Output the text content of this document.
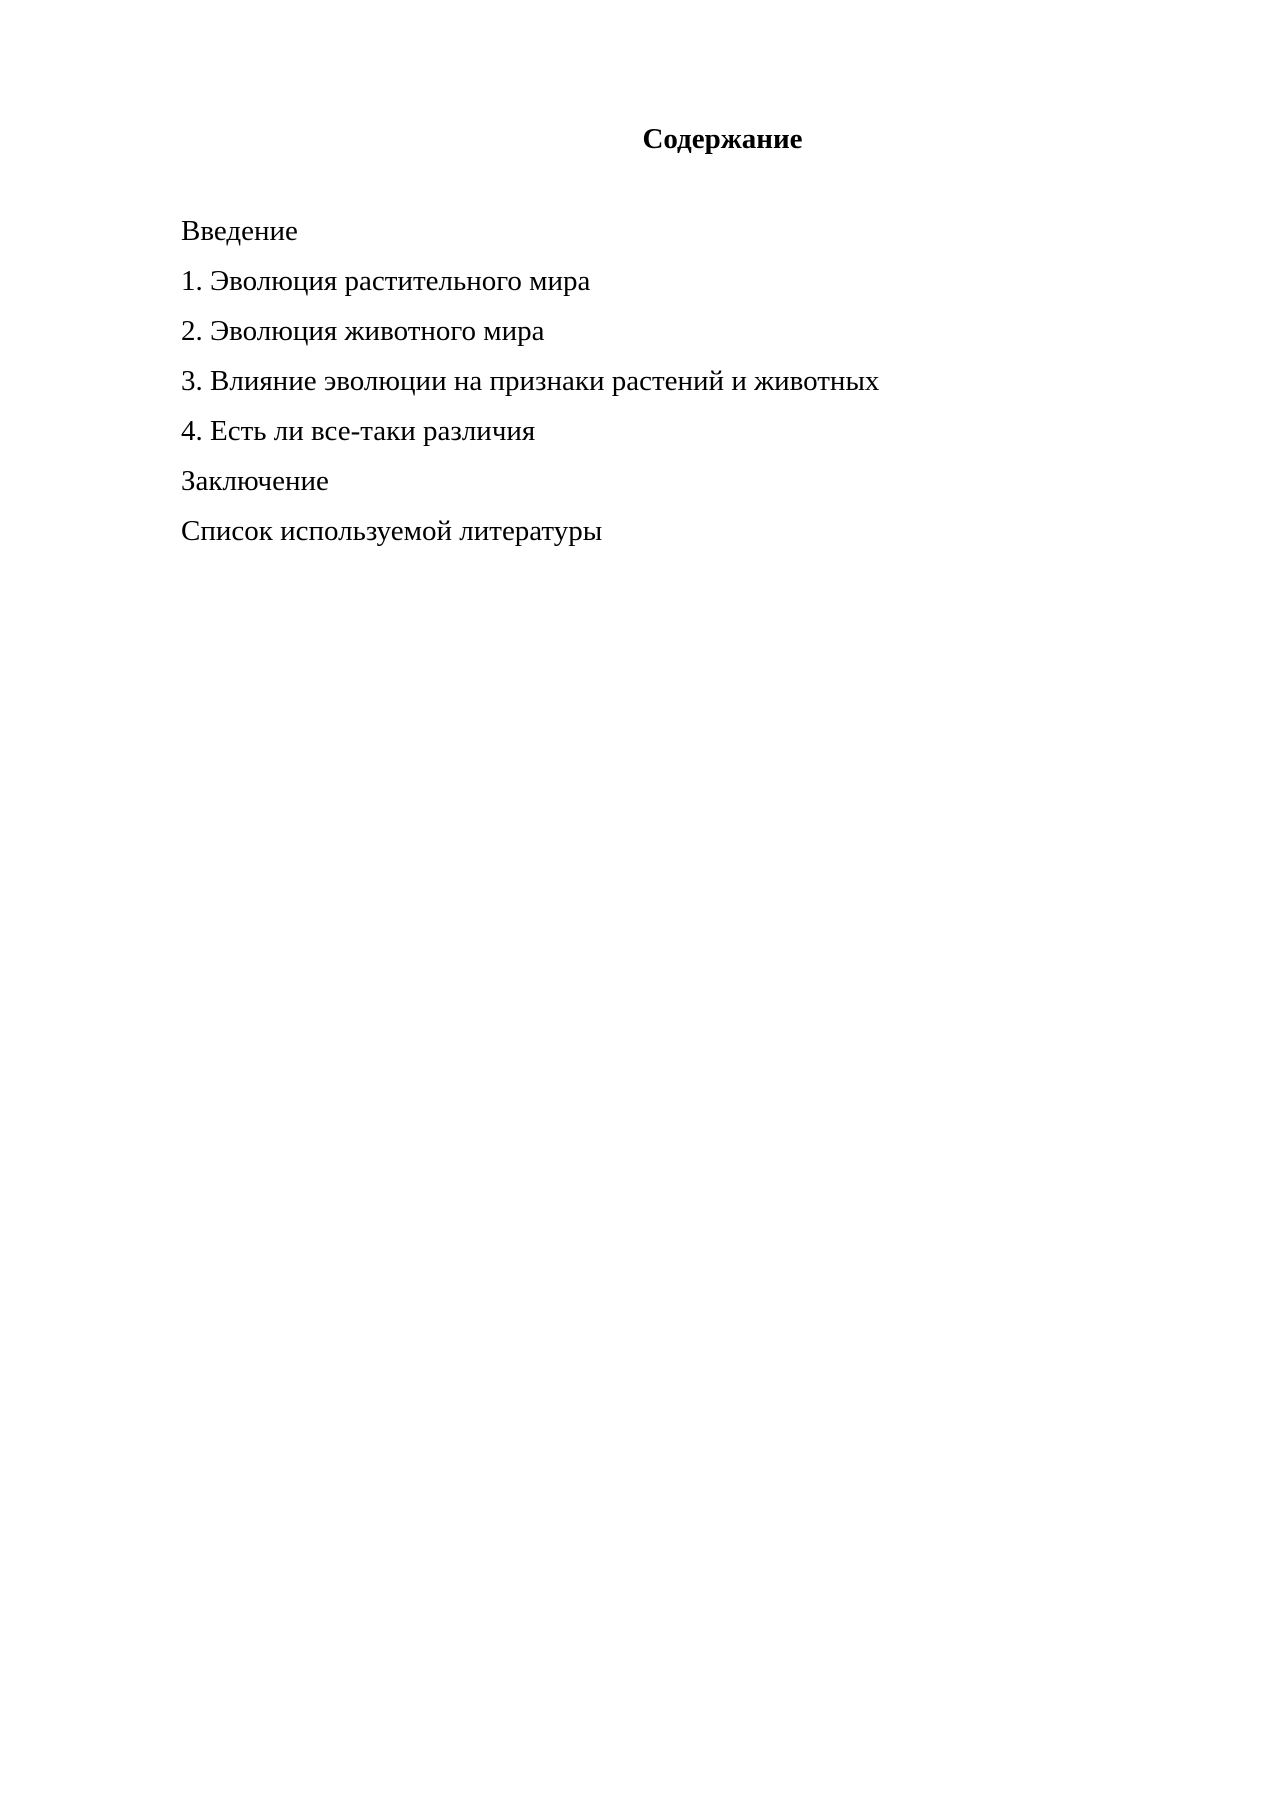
Содержание
Введение
1. Эволюция растительного мира
2. Эволюция животного мира
3. Влияние эволюции на признаки растений и животных
4. Есть ли все-таки различия
Заключение
Список используемой литературы
